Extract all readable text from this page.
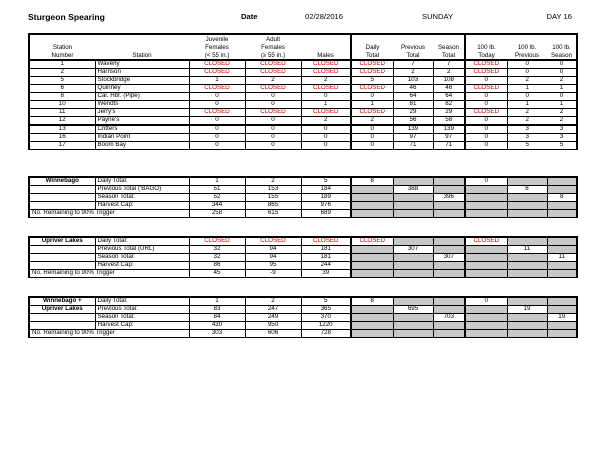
Sturgeon Spearing	Date	02/28/2016	SUNDAY	DAY 16
		Juvenile	Adult							
Station		Females	Females		Daily	Previous	Season	100 lb.	100 lb.	100 lb.
Number	Station	(< 55 in.)	(≥ 55 in.)	Males	Total	Total	Total	Today	Previous	Season
1	Waverly	CLOSED	CLOSED	CLOSED	CLOSED	7	7	CLOSED	0	0
2	Harrison	CLOSED	CLOSED	CLOSED	CLOSED	2	2	CLOSED	0	0
5	Stockbridge	1	2	2	5	103	108	0	2	2
6	Quinney	CLOSED	CLOSED	CLOSED	CLOSED	46	46	CLOSED	1	1
8	Cal. Hbr. (Pipe)	0	0	0	0	64	64	0	0	0
10	Wendts	0	0	1	1	81	82	0	1	1
11	Jerry's	CLOSED	CLOSED	CLOSED	CLOSED	29	29	CLOSED	2	2
12	Payne's	0	0	2	2	56	58	0	2	2
13	Critters	0	0	0	0	139	139	0	3	3
16	Indian Point	0	0	0	0	97	97	0	3	3
17	Boom Bay	0	0	0	0	71	71	0	5	5
Winnebago	Daily Total:	1	2	5	8			0		
	Previous Total ('BAGO)	51	153	184		388			8	
	Season Total:	52	155	189			396			8
	Harvest Cap:	344	865	976						
No. Remaining to 90% Trigger		258	615	689						
Upriver Lakes	Daily Total:	CLOSED	CLOSED	CLOSED	CLOSED			CLOSED		
	Previous Total (URL)	32	94	181		307			11	
	Season Total:	32	94	181			307			11
	Harvest Cap:	86	95	244						
No. Remaining to 90% Trigger		45	-9	39						
Winnebago +	Daily Total:	1	2	5	8			0		
Upriver Lakes	Previous Total:	83	247	365		695			19	
	Season Total:	84	249	370			703			19
	Harvest Cap:	430	950	1220						
No. Remaining to 90% Trigger		303	606	728						
